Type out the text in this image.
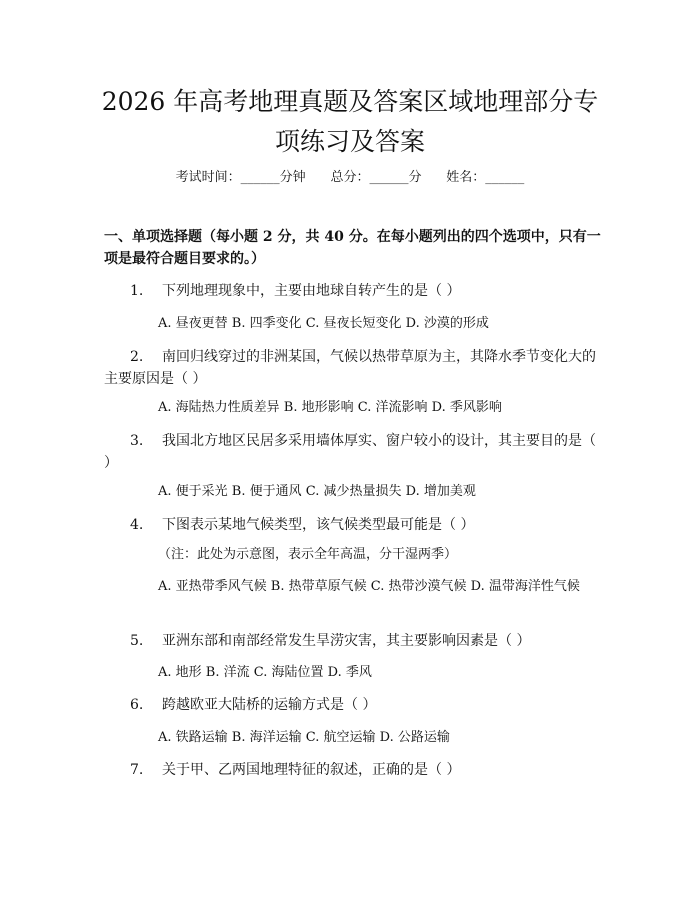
2026 年高考地理真题及答案区域地理部分专
项练习及答案
考试时间：______分钟 总分：______分 姓名：______

一、单项选择题（每小题 2 分，共 40 分。在每小题列出的四个选项中，只有一项是最符合题目要求的。）

1. 下列地理现象中，主要由地球自转产生的是（ ）
A. 昼夜更替 B. 四季变化 C. 昼夜长短变化 D. 沙漠的形成
2. 南回归线穿过的非洲某国，气候以热带草原为主，其降水季节变化大的主要原因是（ ）
A. 海陆热力性质差异 B. 地形影响 C. 洋流影响 D. 季风影响
3. 我国北方地区民居多采用墙体厚实、窗户较小的设计，其主要目的是（ ）
A. 便于采光 B. 便于通风 C. 减少热量损失 D. 增加美观
4. 下图表示某地气候类型，该气候类型最可能是（ ）
（注：此处为示意图，表示全年高温，分干湿两季）
A. 亚热带季风气候 B. 热带草原气候 C. 热带沙漠气候 D. 温带海洋性气候
5. 亚洲东部和南部经常发生旱涝灾害，其主要影响因素是（ ）
A. 地形 B. 洋流 C. 海陆位置 D. 季风
6. 跨越欧亚大陆桥的运输方式是（ ）
A. 铁路运输 B. 海洋运输 C. 航空运输 D. 公路运输
7. 关于甲、乙两国地理特征的叙述，正确的是（ ）
